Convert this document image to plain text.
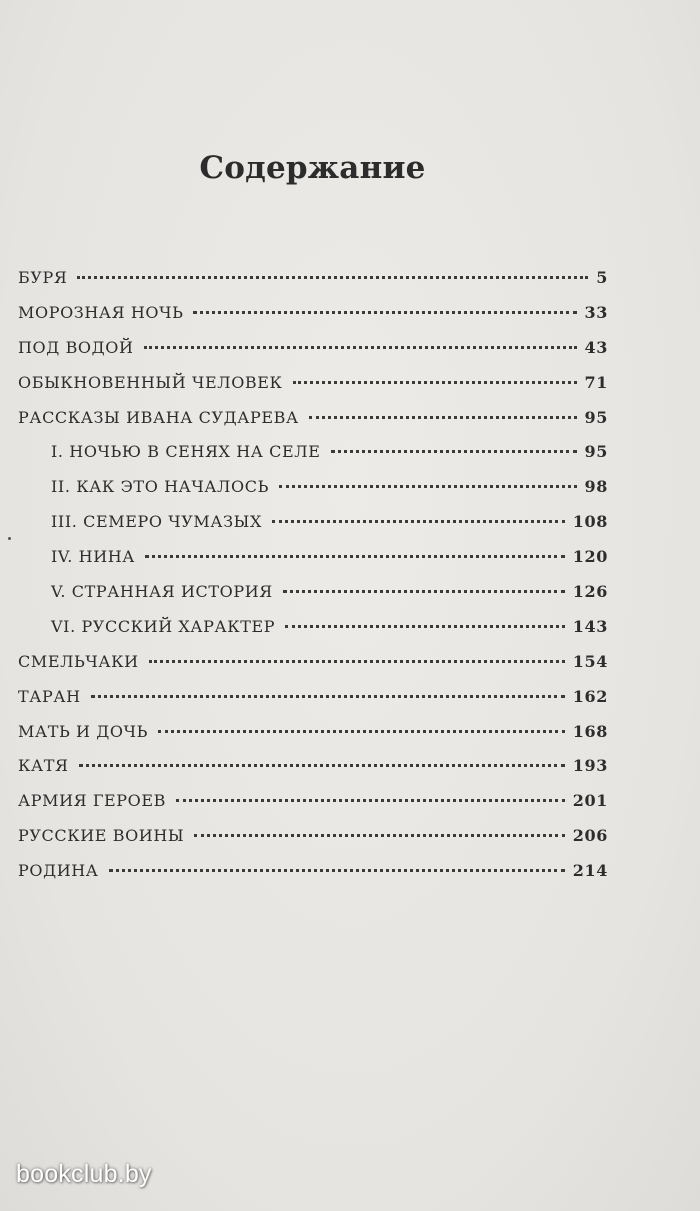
Содержание
БУРЯ	5
МОРОЗНАЯ НОЧЬ	33
ПОД ВОДОЙ	43
ОБЫКНОВЕННЫЙ ЧЕЛОВЕК	71
РАССКАЗЫ ИВАНА СУДАРЕВА	95
I. НОЧЬЮ В СЕНЯХ НА СЕЛЕ	95
II. КАК ЭТО НАЧАЛОСЬ	98
III. СЕМЕРО ЧУМАЗЫХ	108
IV. НИНА	120
V. СТРАННАЯ ИСТОРИЯ	126
VI. РУССКИЙ ХАРАКТЕР	143
СМЕЛЬЧАКИ	154
ТАРАН	162
МАТЬ И ДОЧЬ	168
КАТЯ	193
АРМИЯ ГЕРОЕВ	201
РУССКИЕ ВОИНЫ	206
РОДИНА	214
bookclub.by
